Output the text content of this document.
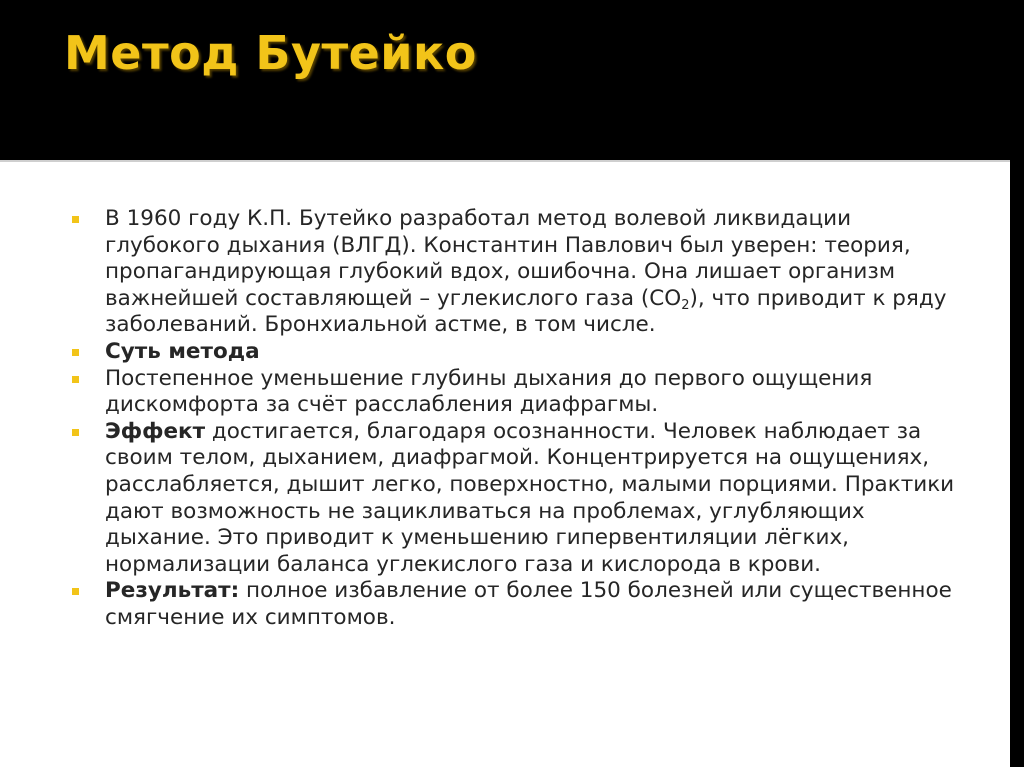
Метод Бутейко
В 1960 году К.П. Бутейко разработал метод волевой ликвидации глубокого дыхания (ВЛГД). Константин Павлович был уверен: теория, пропагандирующая глубокий вдох, ошибочна. Она лишает организм важнейшей составляющей – углекислого газа $(CO_2)$, что приводит к ряду заболеваний. Бронхиальной астме, в том числе.
Суть метода
Постепенное уменьшение глубины дыхания до первого ощущения дискомфорта за счёт расслабления диафрагмы.
Эффект достигается, благодаря осознанности. Человек наблюдает за своим телом, дыханием, диафрагмой. Концентрируется на ощущениях, расслабляется, дышит легко, поверхностно, малыми порциями. Практики дают возможность не зацикливаться на проблемах, углубляющих дыхание. Это приводит к уменьшению гипервентиляции лёгких, нормализации баланса углекислого газа и кислорода в крови.
Результат: полное избавление от более 150 болезней или существенное смягчение их симптомов.
